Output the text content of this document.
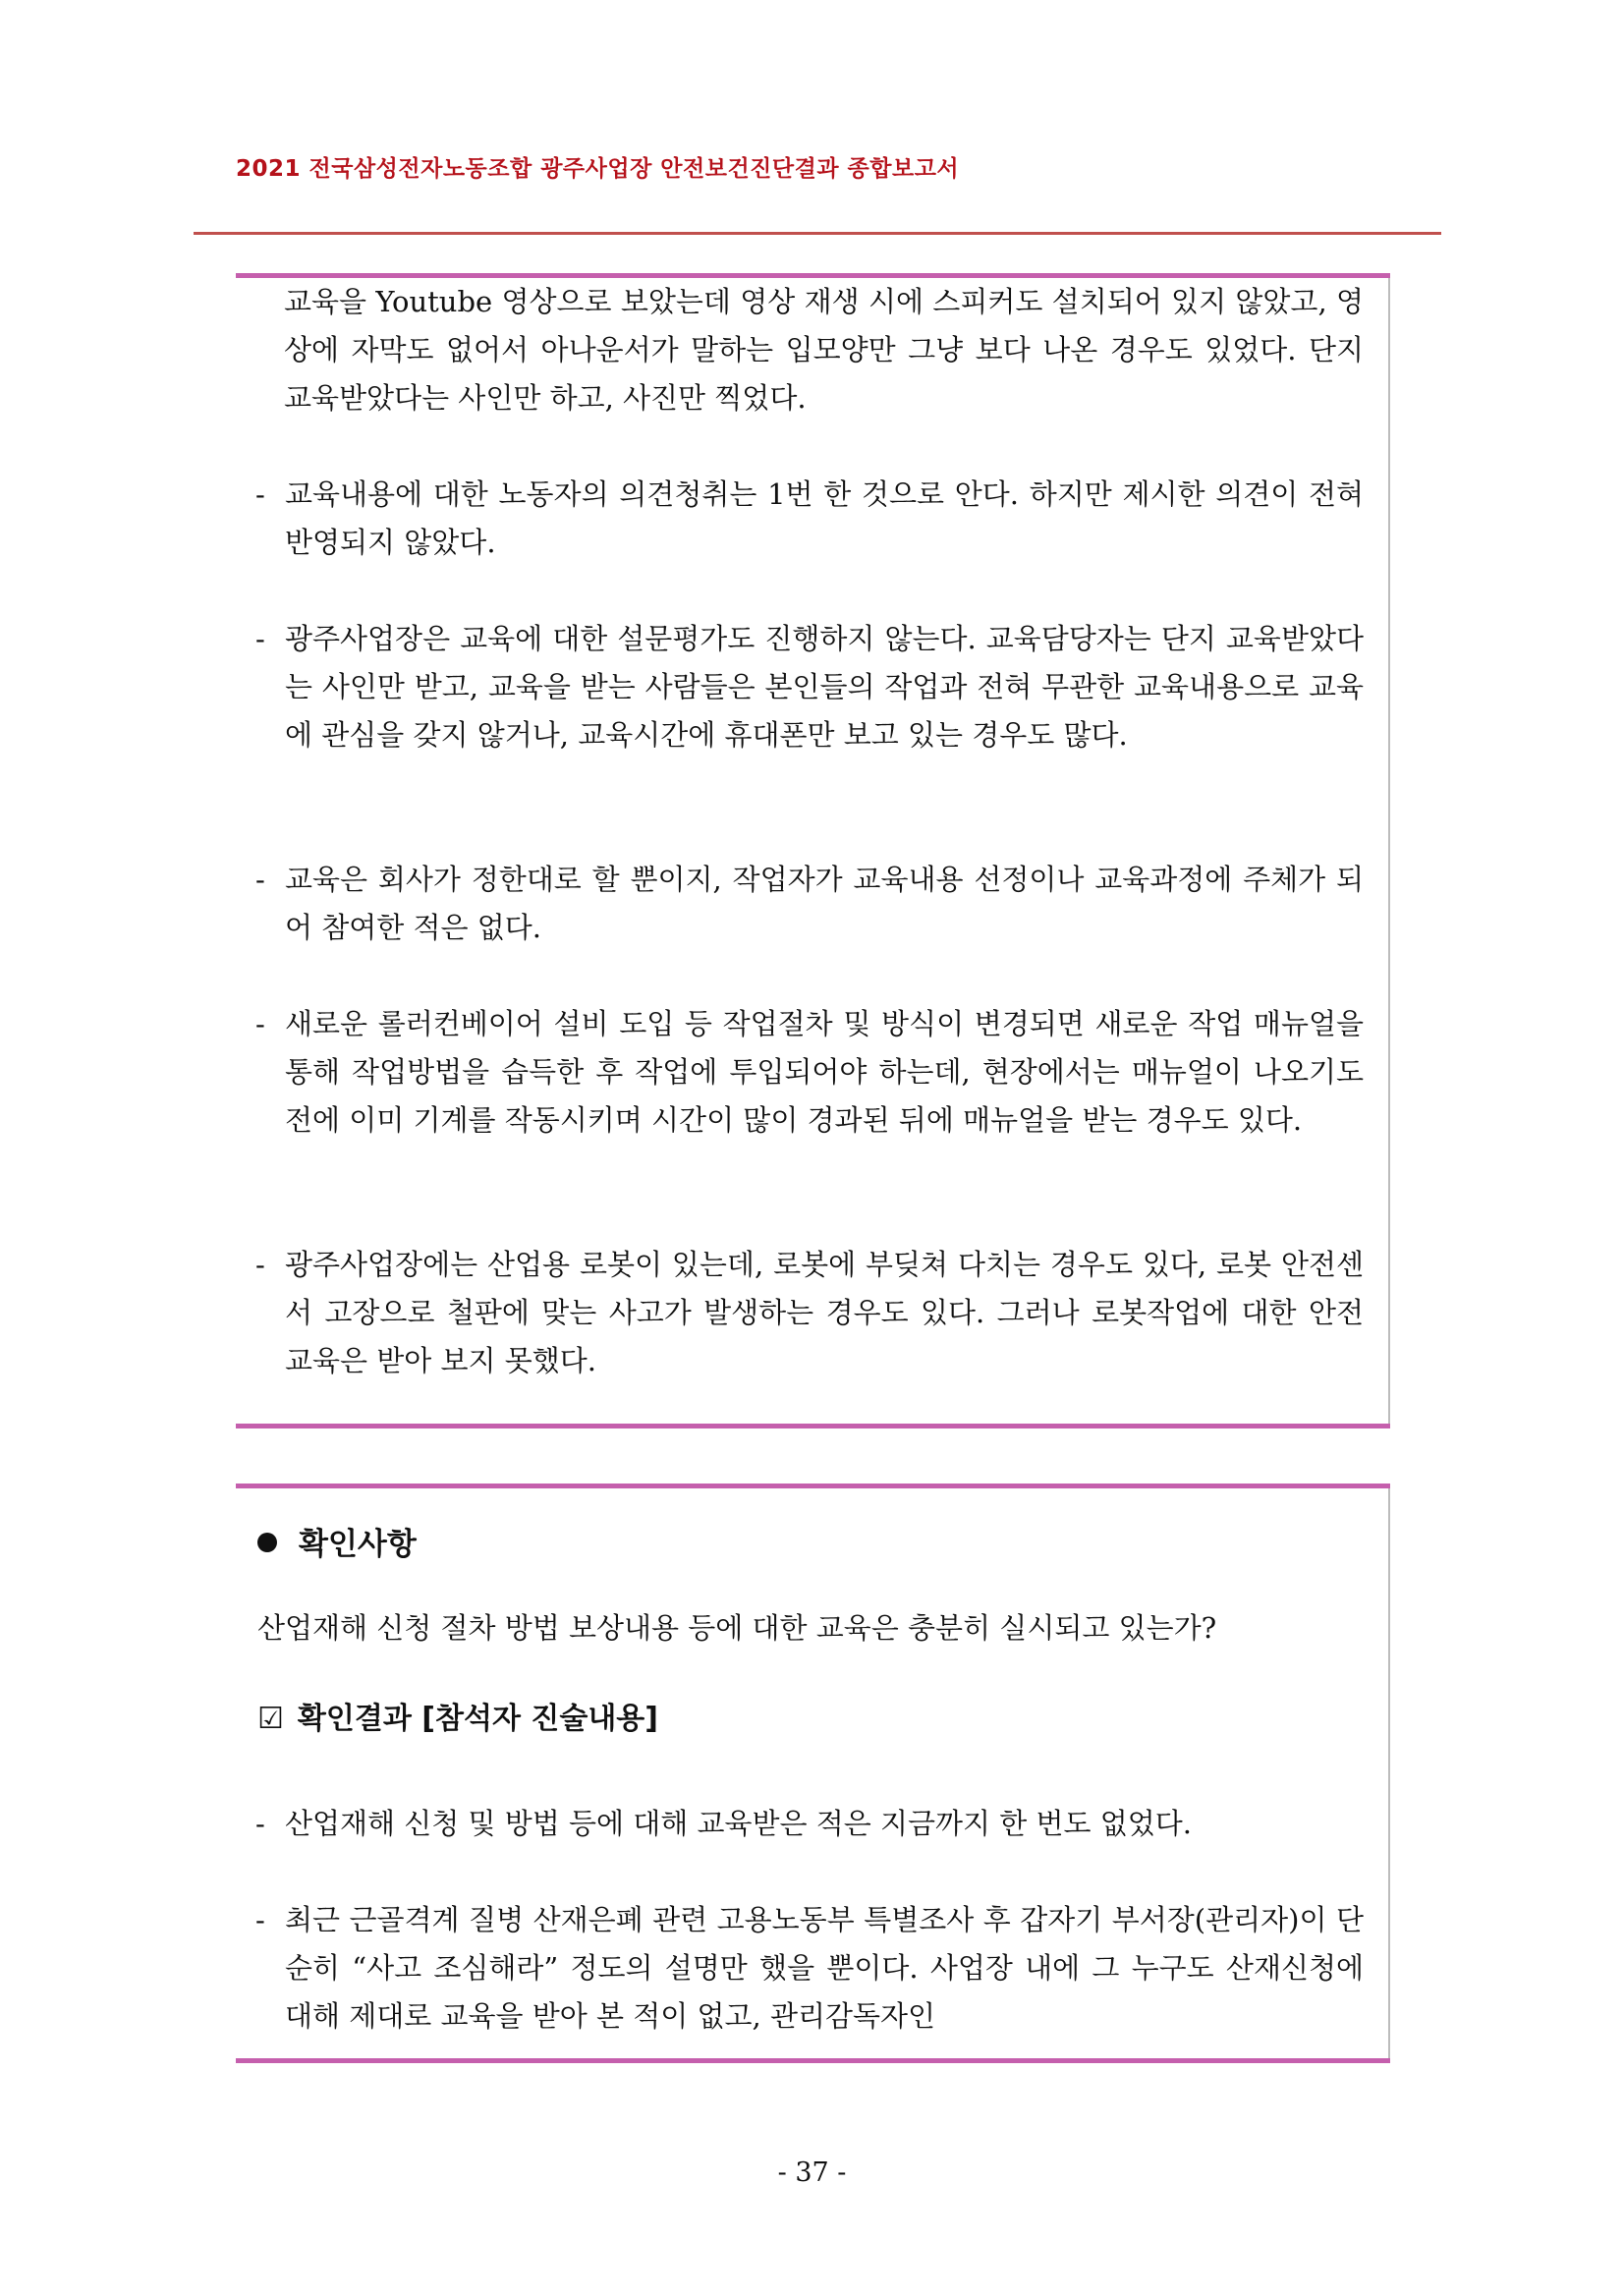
2021 전국삼성전자노동조합 광주사업장 안전보건진단결과 종합보고서
교육을 Youtube 영상으로 보았는데 영상 재생 시에 스피커도 설치되어 있지 않았고, 영상에 자막도 없어서 아나운서가 말하는 입모양만 그냥 보다 나온 경우도 있었다. 단지 교육받았다는 사인만 하고, 사진만 찍었다.
- 교육내용에 대한 노동자의 의견청취는 1번 한 것으로 안다. 하지만 제시한 의견이 전혀 반영되지 않았다.
- 광주사업장은 교육에 대한 설문평가도 진행하지 않는다. 교육담당자는 단지 교육받았다는 사인만 받고, 교육을 받는 사람들은 본인들의 작업과 전혀 무관한 교육내용으로 교육에 관심을 갖지 않거나, 교육시간에 휴대폰만 보고 있는 경우도 많다.
- 교육은 회사가 정한대로 할 뿐이지, 작업자가 교육내용 선정이나 교육과정에 주체가 되어 참여한 적은 없다.
- 새로운 롤러컨베이어 설비 도입 등 작업절차 및 방식이 변경되면 새로운 작업 매뉴얼을 통해 작업방법을 습득한 후 작업에 투입되어야 하는데, 현장에서는 매뉴얼이 나오기도 전에 이미 기계를 작동시키며 시간이 많이 경과된 뒤에 매뉴얼을 받는 경우도 있다.
- 광주사업장에는 산업용 로봇이 있는데, 로봇에 부딪쳐 다치는 경우도 있다, 로봇 안전센서 고장으로 철판에 맞는 사고가 발생하는 경우도 있다. 그러나 로봇작업에 대한 안전 교육은 받아 보지 못했다.
확인사항
산업재해 신청 절차 방법 보상내용 등에 대한 교육은 충분히 실시되고 있는가?
☑ 확인결과 [참석자 진술내용]
- 산업재해 신청 및 방법 등에 대해 교육받은 적은 지금까지 한 번도 없었다.
- 최근 근골격계 질병 산재은폐 관련 고용노동부 특별조사 후 갑자기 부서장(관리자)이 단순히 “사고 조심해라” 정도의 설명만 했을 뿐이다. 사업장 내에 그 누구도 산재신청에 대해 제대로 교육을 받아 본 적이 없고, 관리감독자인
- 37 -
